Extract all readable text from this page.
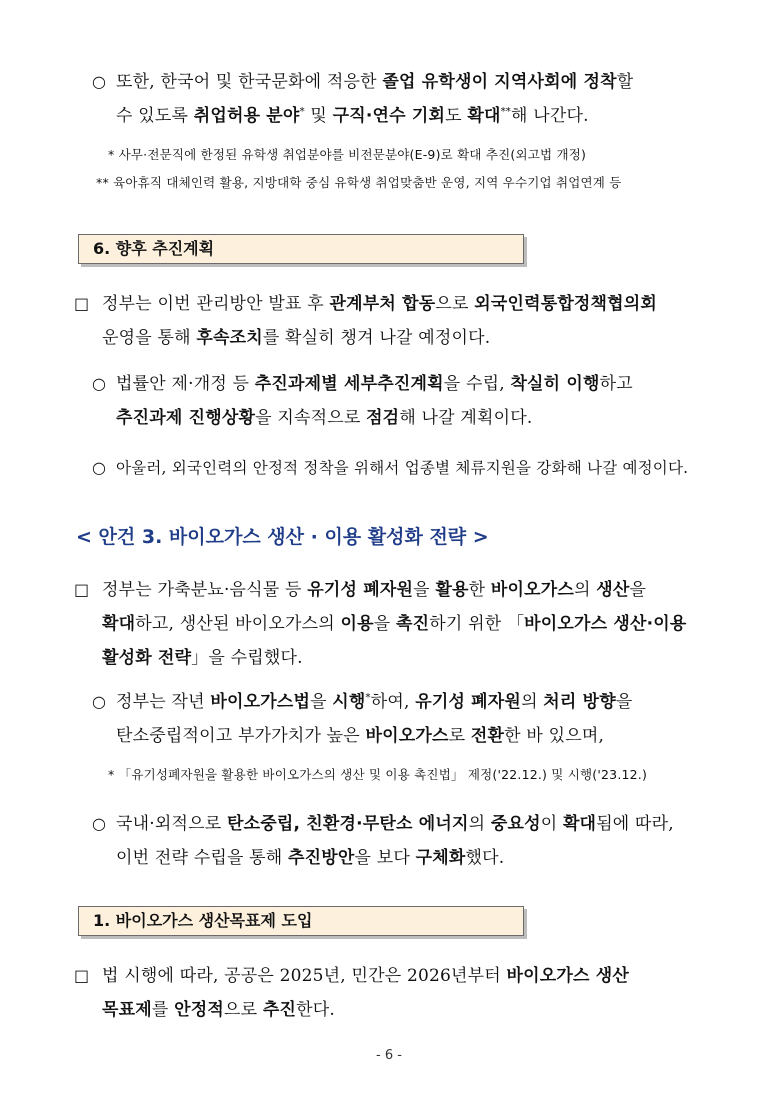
○ 또한, 한국어 및 한국문화에 적응한 졸업 유학생이 지역사회에 정착할
수 있도록 취업허용 분야* 및 구직·연수 기회도 확대**해 나간다.
* 사무·전문직에 한정된 유학생 취업분야를 비전문분야(E-9)로 확대 추진(외고법 개정)
** 육아휴직 대체인력 활용, 지방대학 중심 유학생 취업맞춤반 운영, 지역 우수기업 취업연계 등
6. 향후 추진계획
□ 정부는 이번 관리방안 발표 후 관계부처 합동으로 외국인력통합정책협의회
운영을 통해 후속조치를 확실히 챙겨 나갈 예정이다.
○ 법률안 제·개정 등 추진과제별 세부추진계획을 수립, 착실히 이행하고
추진과제 진행상황을 지속적으로 점검해 나갈 계획이다.
○ 아울러, 외국인력의 안정적 정착을 위해서 업종별 체류지원을 강화해 나갈 예정이다.
< 안건 3. 바이오가스 생산 · 이용 활성화 전략 >
□ 정부는 가축분뇨·음식물 등 유기성 폐자원을 활용한 바이오가스의 생산을
확대하고, 생산된 바이오가스의 이용을 촉진하기 위한 「바이오가스 생산·이용
활성화 전략」을 수립했다.
○ 정부는 작년 바이오가스법을 시행*하여, 유기성 폐자원의 처리 방향을
탄소중립적이고 부가가치가 높은 바이오가스로 전환한 바 있으며,
* 「유기성폐자원을 활용한 바이오가스의 생산 및 이용 촉진법」 제정('22.12.) 및 시행('23.12.)
○ 국내·외적으로 탄소중립, 친환경·무탄소 에너지의 중요성이 확대됨에 따라,
이번 전략 수립을 통해 추진방안을 보다 구체화했다.
1. 바이오가스 생산목표제 도입
□ 법 시행에 따라, 공공은 2025년, 민간은 2026년부터 바이오가스 생산
목표제를 안정적으로 추진한다.
- 6 -
